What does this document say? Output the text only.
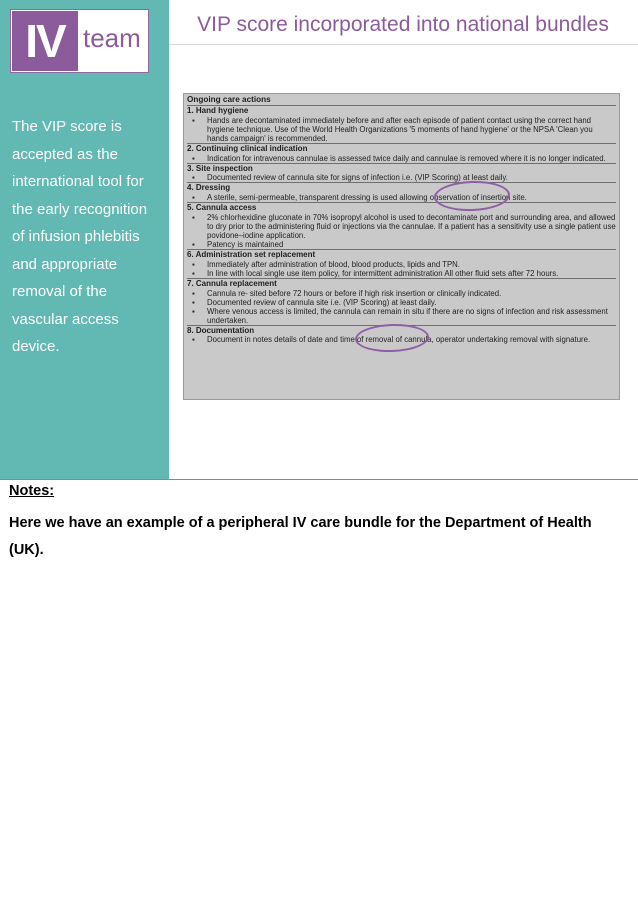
IV team
The VIP score is accepted as the international tool for the early recognition of infusion phlebitis and appropriate removal of the vascular access device.
VIP score incorporated into national bundles
Ongoing care actions
1. Hand hygiene
▪ Hands are decontaminated immediately before and after each episode of patient contact using the correct hand hygiene technique. Use of the World Health Organizations '5 moments of hand hygiene' or the NPSA 'Clean you hands campaign' is recommended.
2. Continuing clinical indication
▪ Indication for intravenous cannulae is assessed twice daily and cannulae is removed where it is no longer indicated.
3. Site inspection
▪ Documented review of cannula site for signs of infection i.e. (VIP Scoring) at least daily.
4. Dressing
▪ A sterile, semi-permeable, transparent dressing is used allowing observation of insertion site.
5. Cannula access
▪ 2% chlorhexidine gluconate in 70% isopropyl alcohol is used to decontaminate port and surrounding area, and allowed to dry prior to the administering fluid or injections via the cannulae. If a patient has a sensitivity use a single patient use povidone–iodine application.
▪ Patency is maintained
6. Administration set replacement
▪ Immediately after administration of blood, blood products, lipids and TPN.
▪ In line with local single use item policy, for intermittent administration All other fluid sets after 72 hours.
7. Cannula replacement
▪ Cannula re- sited before 72 hours or before if high risk insertion or clinically indicated.
▪ Documented review of cannula site i.e. (VIP Scoring) at least daily.
▪ Where venous access is limited, the cannula can remain in situ if there are no signs of infection and risk assessment undertaken.
8. Documentation
▪ Document in notes details of date and time of removal of cannula, operator undertaking removal with signature.
Notes:
Here we have an example of a peripheral IV care bundle for the Department of Health (UK).
